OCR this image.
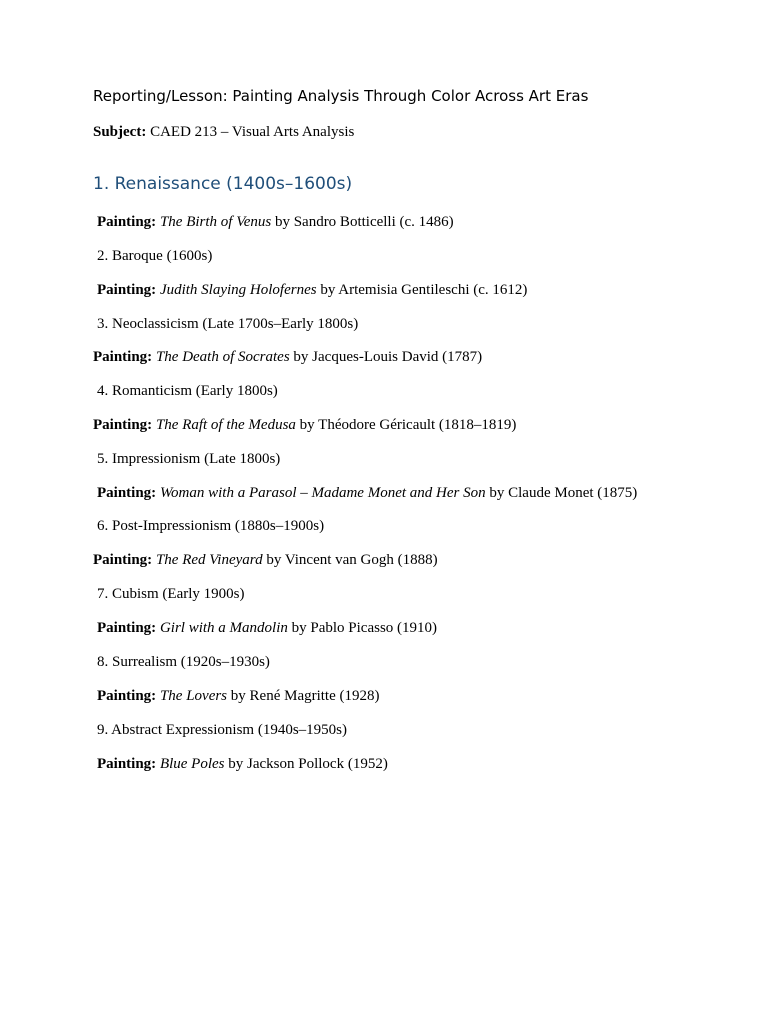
Reporting/Lesson: Painting Analysis Through Color Across Art Eras
Subject: CAED 213 – Visual Arts Analysis
1. Renaissance (1400s–1600s)
Painting: The Birth of Venus by Sandro Botticelli (c. 1486)
2. Baroque (1600s)
Painting: Judith Slaying Holofernes by Artemisia Gentileschi (c. 1612)
3. Neoclassicism (Late 1700s–Early 1800s)
Painting: The Death of Socrates by Jacques-Louis David (1787)
4. Romanticism (Early 1800s)
Painting: The Raft of the Medusa by Théodore Géricault (1818–1819)
5. Impressionism (Late 1800s)
Painting: Woman with a Parasol – Madame Monet and Her Son by Claude Monet (1875)
6. Post-Impressionism (1880s–1900s)
Painting: The Red Vineyard by Vincent van Gogh (1888)
7. Cubism (Early 1900s)
Painting: Girl with a Mandolin by Pablo Picasso (1910)
8. Surrealism (1920s–1930s)
Painting: The Lovers by René Magritte (1928)
9. Abstract Expressionism (1940s–1950s)
Painting: Blue Poles by Jackson Pollock (1952)
